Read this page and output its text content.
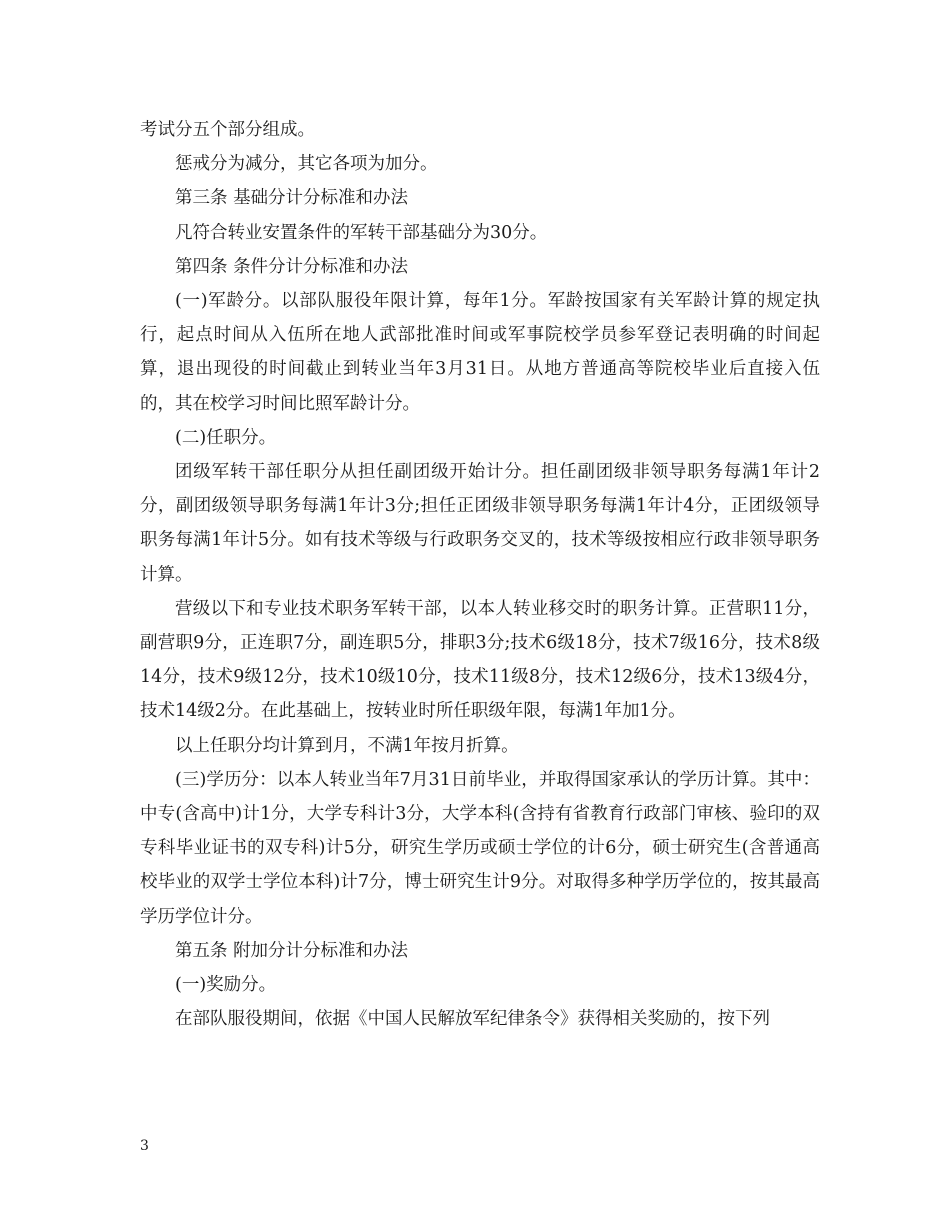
考试分五个部分组成。

惩戒分为减分，其它各项为加分。

第三条 基础分计分标准和办法

凡符合转业安置条件的军转干部基础分为30分。

第四条 条件分计分标准和办法

(一)军龄分。以部队服役年限计算，每年1分。军龄按国家有关军龄计算的规定执行，起点时间从入伍所在地人武部批准时间或军事院校学员参军登记表明确的时间起算，退出现役的时间截止到转业当年3月31日。从地方普通高等院校毕业后直接入伍的，其在校学习时间比照军龄计分。

(二)任职分。

团级军转干部任职分从担任副团级开始计分。担任副团级非领导职务每满1年计2分，副团级领导职务每满1年计3分;担任正团级非领导职务每满1年计4分，正团级领导职务每满1年计5分。如有技术等级与行政职务交叉的，技术等级按相应行政非领导职务计算。

营级以下和专业技术职务军转干部，以本人转业移交时的职务计算。正营职11分，副营职9分，正连职7分，副连职5分，排职3分;技术6级18分，技术7级16分，技术8级14分，技术9级12分，技术10级10分，技术11级8分，技术12级6分，技术13级4分，技术14级2分。在此基础上，按转业时所任职级年限，每满1年加1分。

以上任职分均计算到月，不满1年按月折算。

(三)学历分：以本人转业当年7月31日前毕业，并取得国家承认的学历计算。其中：中专(含高中)计1分，大学专科计3分，大学本科(含持有省教育行政部门审核、验印的双专科毕业证书的双专科)计5分，研究生学历或硕士学位的计6分，硕士研究生(含普通高校毕业的双学士学位本科)计7分，博士研究生计9分。对取得多种学历学位的，按其最高学历学位计分。

第五条 附加分计分标准和办法

(一)奖励分。

在部队服役期间，依据《中国人民解放军纪律条令》获得相关奖励的，按下列

3
